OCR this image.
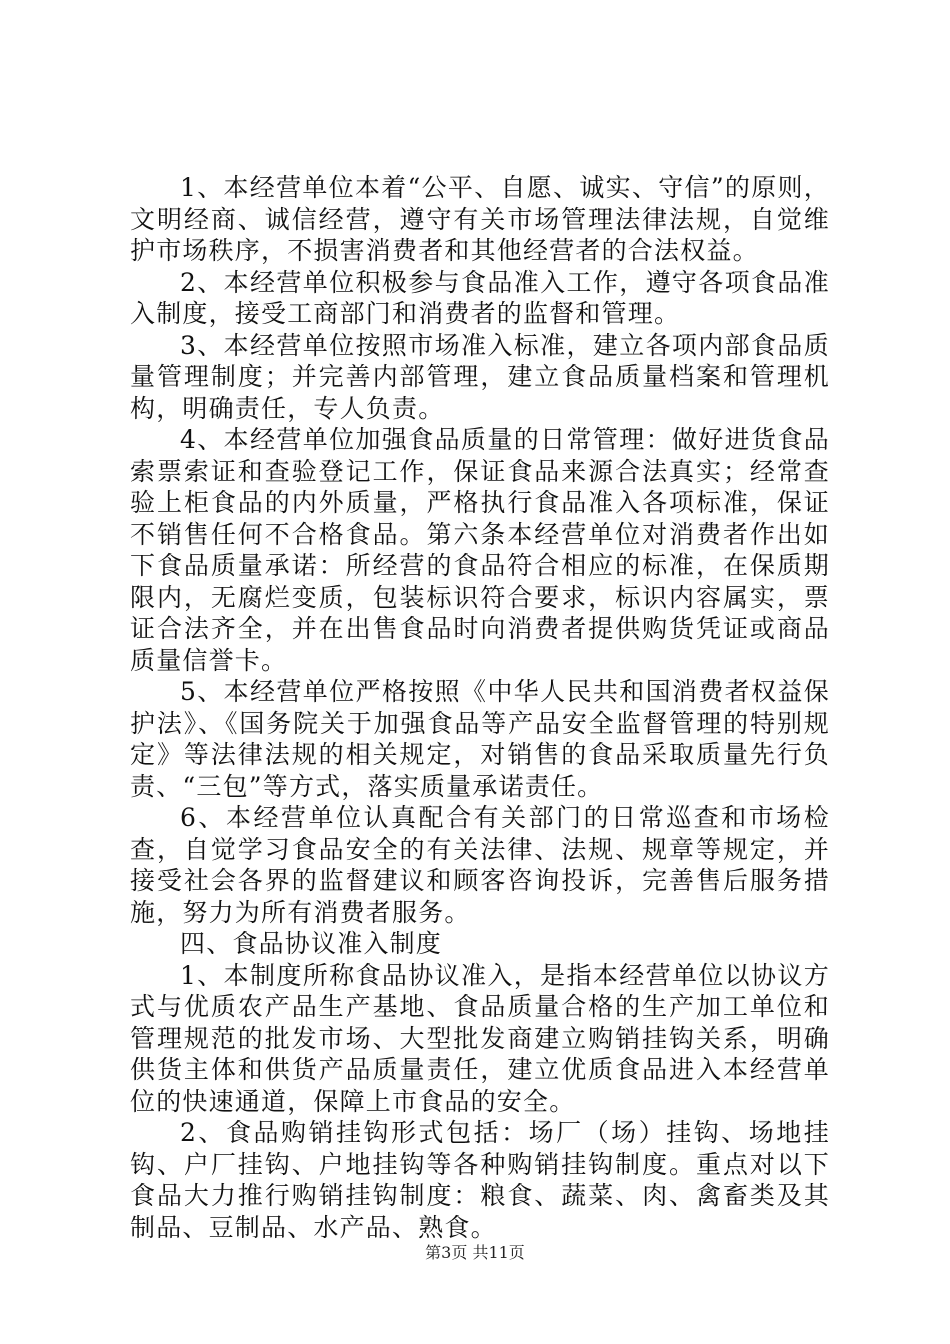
1、本经营单位本着“公平、自愿、诚实、守信”的原则，文明经商、诚信经营，遵守有关市场管理法律法规，自觉维护市场秩序，不损害消费者和其他经营者的合法权益。

2、本经营单位积极参与食品准入工作，遵守各项食品准入制度，接受工商部门和消费者的监督和管理。

3、本经营单位按照市场准入标准，建立各项内部食品质量管理制度；并完善内部管理，建立食品质量档案和管理机构，明确责任，专人负责。

4、本经营单位加强食品质量的日常管理：做好进货食品索票索证和查验登记工作，保证食品来源合法真实；经常查验上柜食品的内外质量，严格执行食品准入各项标准，保证不销售任何不合格食品。第六条本经营单位对消费者作出如下食品质量承诺：所经营的食品符合相应的标准，在保质期限内，无腐烂变质，包装标识符合要求，标识内容属实，票证合法齐全，并在出售食品时向消费者提供购货凭证或商品质量信誉卡。

5、本经营单位严格按照《中华人民共和国消费者权益保护法》、《国务院关于加强食品等产品安全监督管理的特别规定》等法律法规的相关规定，对销售的食品采取质量先行负责、“三包”等方式，落实质量承诺责任。

6、本经营单位认真配合有关部门的日常巡查和市场检查，自觉学习食品安全的有关法律、法规、规章等规定，并接受社会各界的监督建议和顾客咨询投诉，完善售后服务措施，努力为所有消费者服务。

四、食品协议准入制度

1、本制度所称食品协议准入，是指本经营单位以协议方式与优质农产品生产基地、食品质量合格的生产加工单位和管理规范的批发市场、大型批发商建立购销挂钩关系，明确供货主体和供货产品质量责任，建立优质食品进入本经营单位的快速通道，保障上市食品的安全。

2、食品购销挂钩形式包括：场厂（场）挂钩、场地挂钩、户厂挂钩、户地挂钩等各种购销挂钩制度。重点对以下食品大力推行购销挂钩制度：粮食、蔬菜、肉、禽畜类及其制品、豆制品、水产品、熟食。

第3页 共11页
